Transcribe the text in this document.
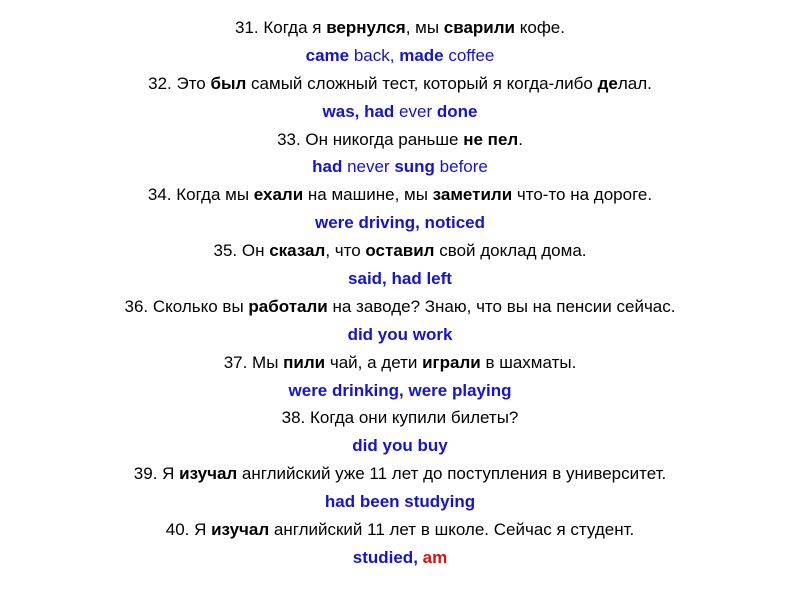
31. Когда я вернулся, мы сварили кофе.
came back, made coffee
32. Это был самый сложный тест, который я когда-либо делал.
was, had ever done
33. Он никогда раньше не пел.
had never sung before
34. Когда мы ехали на машине, мы заметили что-то на дороге.
were driving, noticed
35. Он сказал, что оставил свой доклад дома.
said, had left
36. Сколько вы работали на заводе? Знаю, что вы на пенсии сейчас.
did you work
37. Мы пили чай, а дети играли в шахматы.
were drinking, were playing
38. Когда они купили билеты?
did you buy
39. Я изучал английский уже 11 лет до поступления в университет.
had been studying
40. Я изучал английский 11 лет в школе. Сейчас я студент.
studied, am
